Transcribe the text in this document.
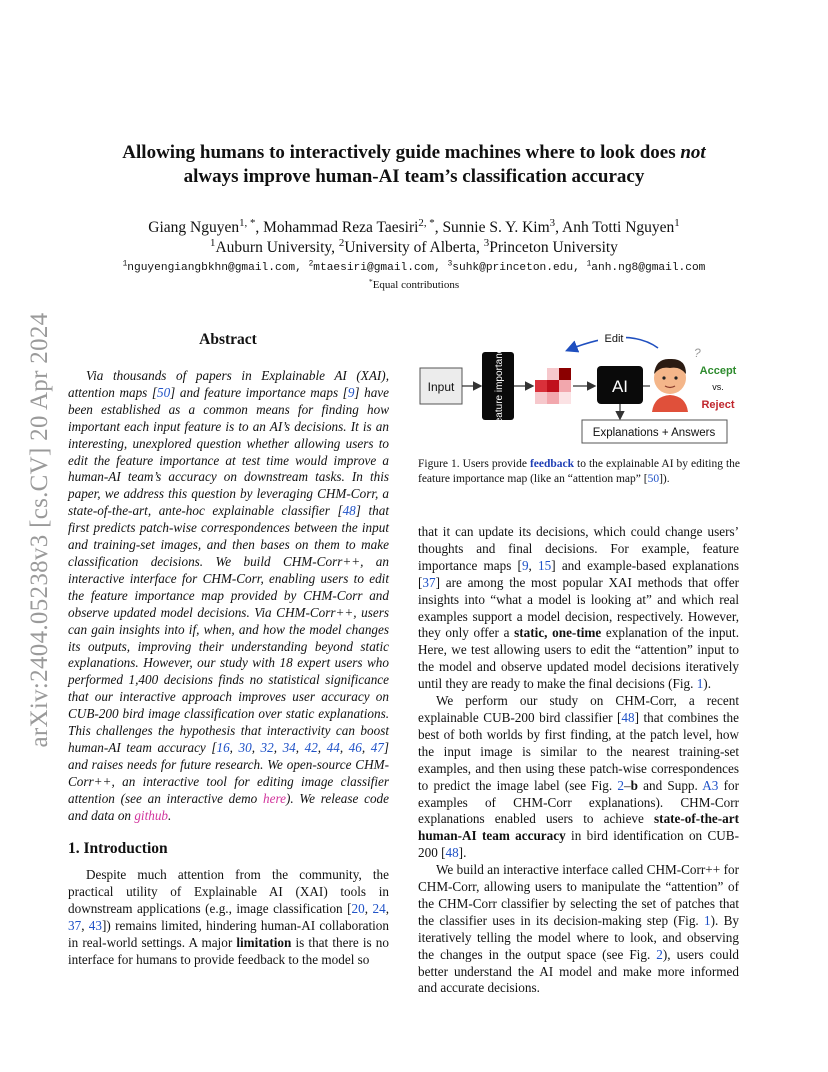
arXiv:2404.05238v3 [cs.CV] 20 Apr 2024
Allowing humans to interactively guide machines where to look does not
always improve human-AI team’s classification accuracy
Giang Nguyen$^{1, *}$, Mohammad Reza Taesiri$^{2, *}$, Sunnie S. Y. Kim$^3$, Anh Totti Nguyen$^1$
$^1$Auburn University, $^2$University of Alberta, $^3$Princeton University
$^1$nguyengiangbkhn@gmail.com, $^2$mtaesiri@gmail.com, $^3$suhk@princeton.edu, $^1$anh.ng8@gmail.com
*Equal contributions
Abstract

Via thousands of papers in Explainable AI (XAI), attention maps [50] and feature importance maps [9] have been established as a common means for finding how important each input feature is to an AI’s decisions. It is an interesting, unexplored question whether allowing users to edit the feature importance at test time would improve a human-AI team’s accuracy on downstream tasks. In this paper, we address this question by leveraging CHM-Corr, a state-of-the-art, ante-hoc explainable classifier [48] that first predicts patch-wise correspondences between the input and training-set images, and then bases on them to make classification decisions. We build CHM-Corr++, an interactive interface for CHM-Corr, enabling users to edit the feature importance map provided by CHM-Corr and observe updated model decisions. Via CHM-Corr++, users can gain insights into if, when, and how the model changes its outputs, improving their understanding beyond static explanations. However, our study with 18 expert users who performed 1,400 decisions finds no statistical significance that our interactive approach improves user accuracy on CUB-200 bird image classification over static explanations. This challenges the hypothesis that interactivity can boost human-AI team accuracy [16, 30, 32, 34, 42, 44, 46, 47] and raises needs for future research. We open-source CHM-Corr++, an interactive tool for editing image classifier attention (see an interactive demo here). We release code and data on github.

1. Introduction

Despite much attention from the community, the practical utility of Explainable AI (XAI) tools in downstream applications (e.g., image classification [20, 24, 37, 43]) remains limited, hindering human-AI collaboration in real-world settings. A major limitation is that there is no interface for humans to provide feedback to the model so

Input	Feature importance	AI
Explanations + Answers
Edit
?
Accept
vs.
Reject
Figure 1. Users provide feedback to the explainable AI by editing the feature importance map (like an “attention map” [50]).

that it can update its decisions, which could change users’ thoughts and final decisions. For example, feature importance maps [9, 15] and example-based explanations [37] are among the most popular XAI methods that offer insights into “what a model is looking at” and which real examples support a model decision, respectively. However, they only offer a static, one-time explanation of the input. Here, we test allowing users to edit the “attention” input to the model and observe updated model decisions iteratively until they are ready to make the final decisions (Fig. 1).

We perform our study on CHM-Corr, a recent explainable CUB-200 bird classifier [48] that combines the best of both worlds by first finding, at the patch level, how the input image is similar to the nearest training-set examples, and then using these patch-wise correspondences to predict the image label (see Fig. 2–b and Supp. A3 for examples of CHM-Corr explanations). CHM-Corr explanations enabled users to achieve state-of-the-art human-AI team accuracy in bird identification on CUB-200 [48].

We build an interactive interface called CHM-Corr++ for CHM-Corr, allowing users to manipulate the “attention” of the CHM-Corr classifier by selecting the set of patches that the classifier uses in its decision-making step (Fig. 1). By iteratively telling the model where to look, and observing the changes in the output space (see Fig. 2), users could better understand the AI model and make more informed and accurate decisions.
